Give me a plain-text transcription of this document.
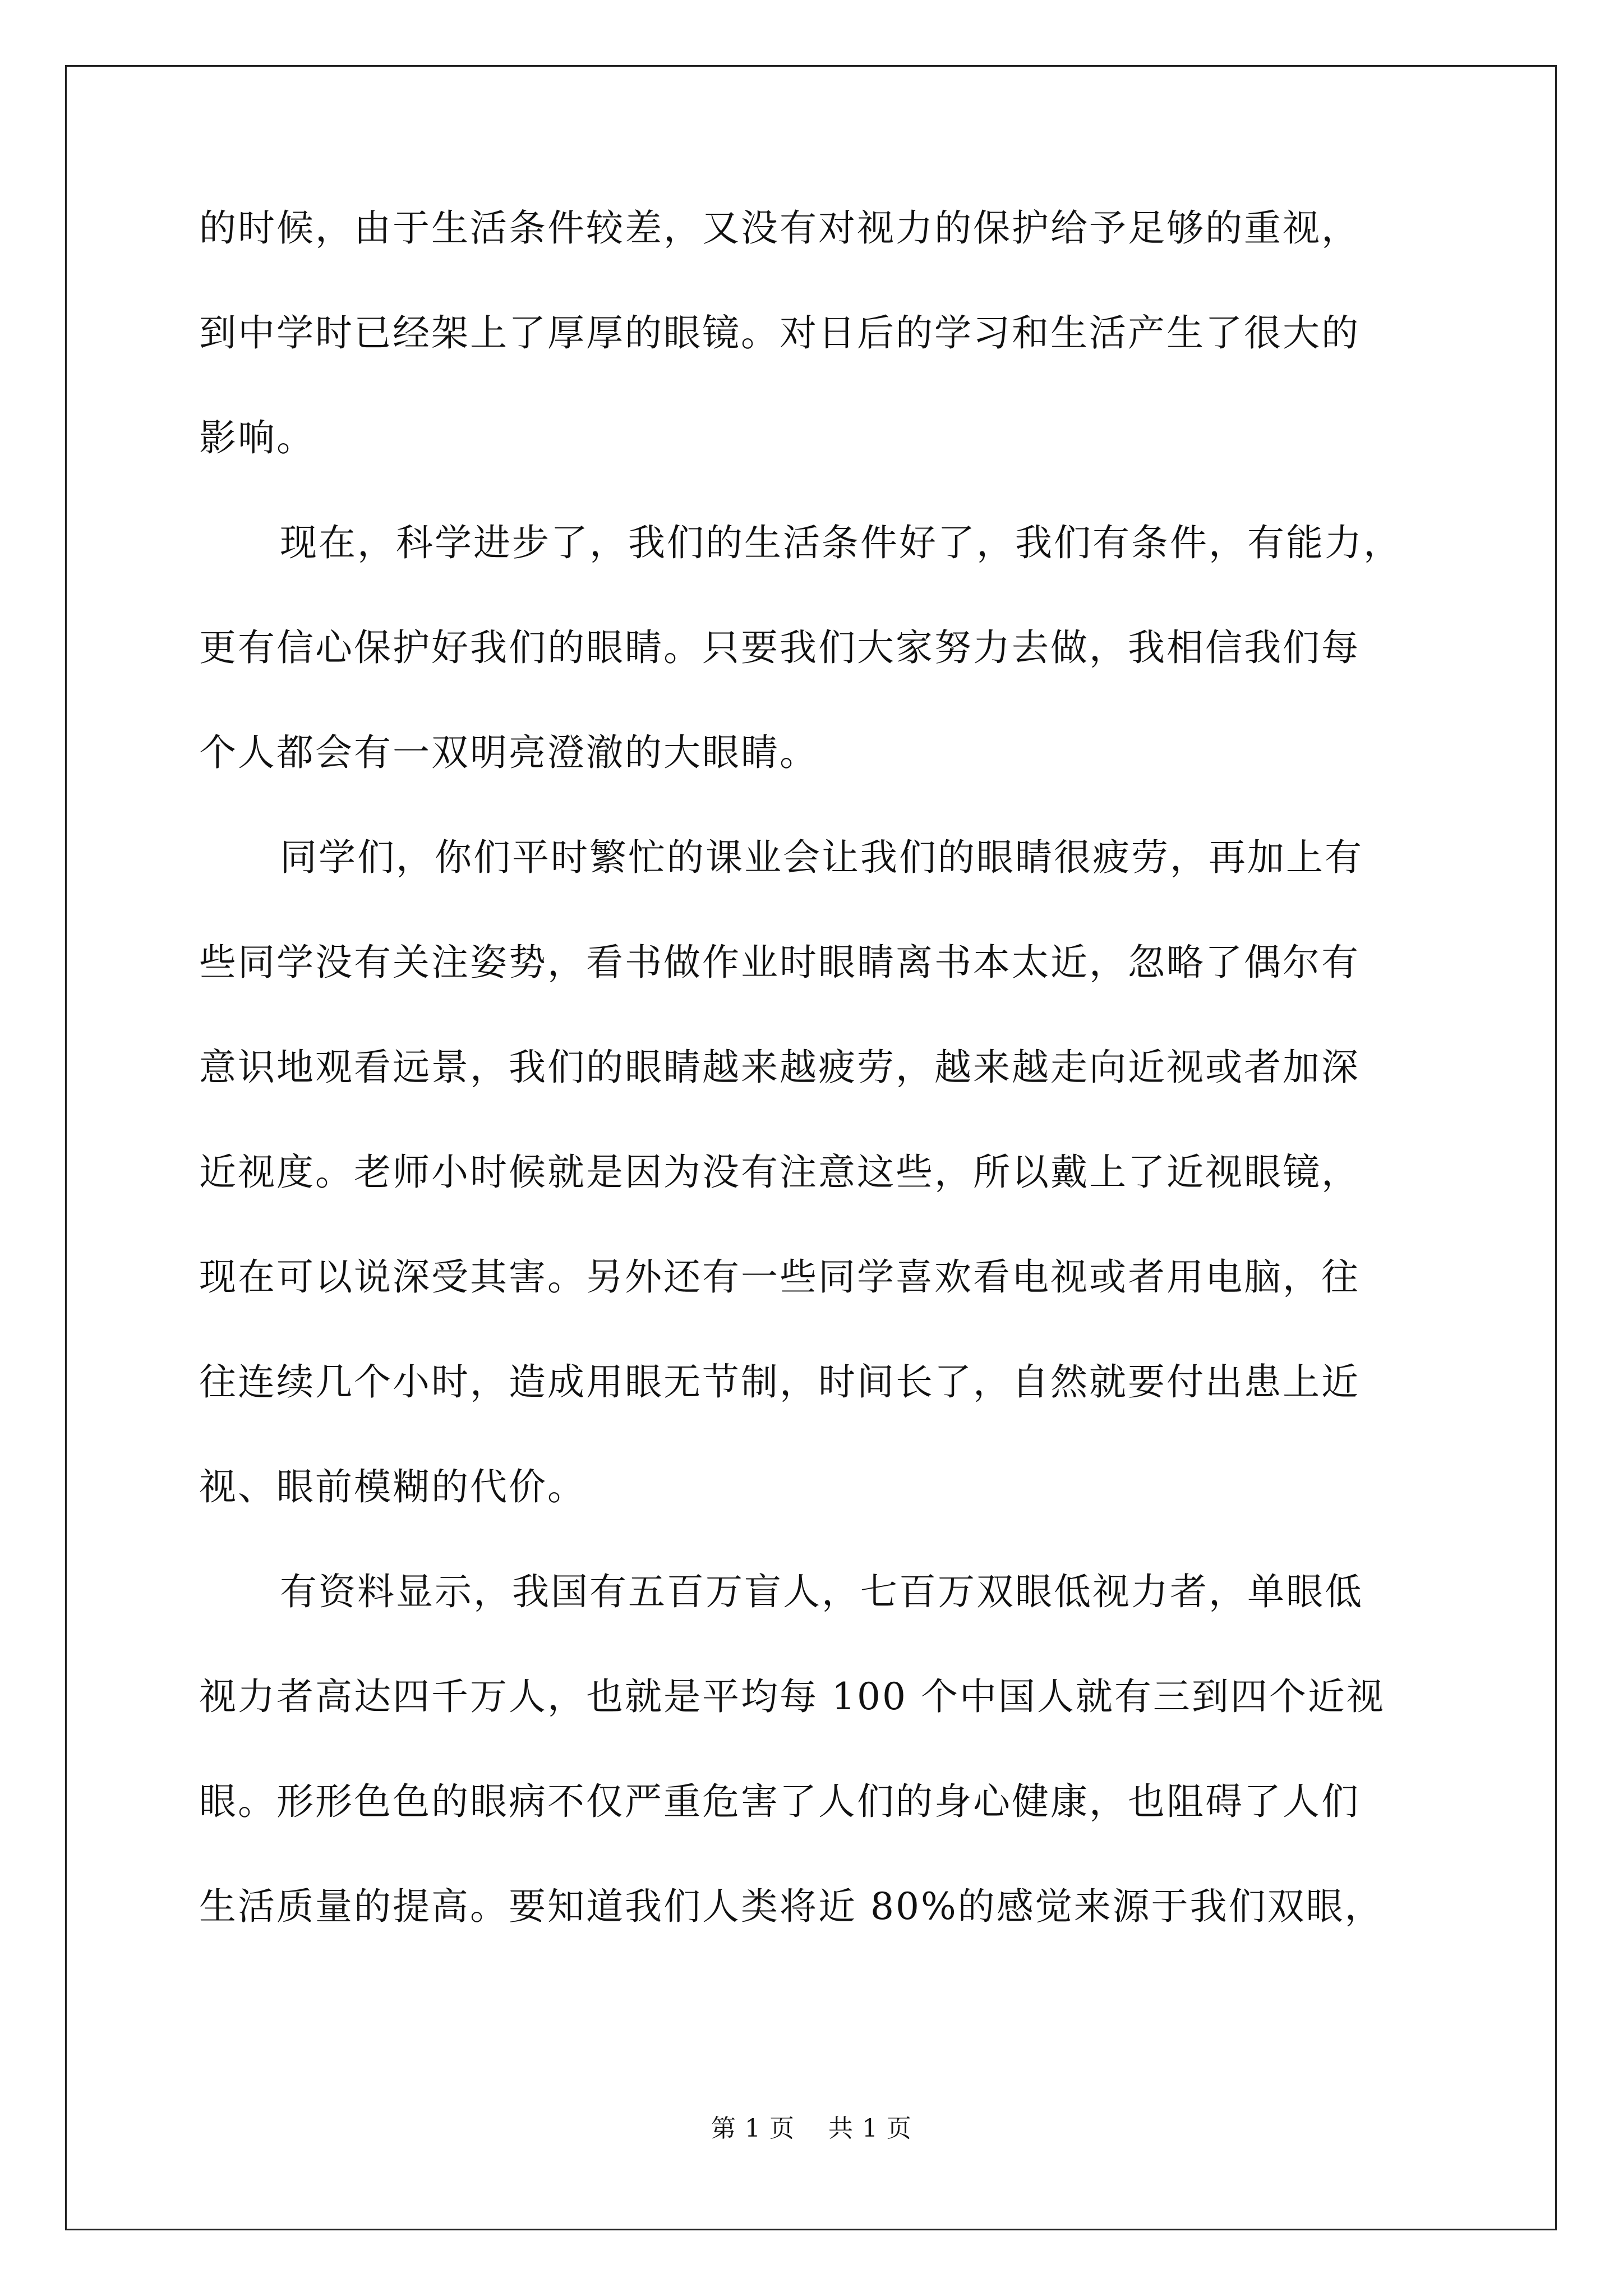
的时候，由于生活条件较差，又没有对视力的保护给予足够的重视，
到中学时已经架上了厚厚的眼镜。对日后的学习和生活产生了很大的
影响。
现在，科学进步了，我们的生活条件好了，我们有条件，有能力，
更有信心保护好我们的眼睛。只要我们大家努力去做，我相信我们每
个人都会有一双明亮澄澈的大眼睛。
同学们，你们平时繁忙的课业会让我们的眼睛很疲劳，再加上有
些同学没有关注姿势，看书做作业时眼睛离书本太近，忽略了偶尔有
意识地观看远景，我们的眼睛越来越疲劳，越来越走向近视或者加深
近视度。老师小时候就是因为没有注意这些，所以戴上了近视眼镜，
现在可以说深受其害。另外还有一些同学喜欢看电视或者用电脑，往
往连续几个小时，造成用眼无节制，时间长了，自然就要付出患上近
视、眼前模糊的代价。
有资料显示，我国有五百万盲人，七百万双眼低视力者，单眼低
视力者高达四千万人，也就是平均每 100 个中国人就有三到四个近视
眼。形形色色的眼病不仅严重危害了人们的身心健康，也阻碍了人们
生活质量的提高。要知道我们人类将近 80%的感觉来源于我们双眼，
第 1 页 共 1 页
